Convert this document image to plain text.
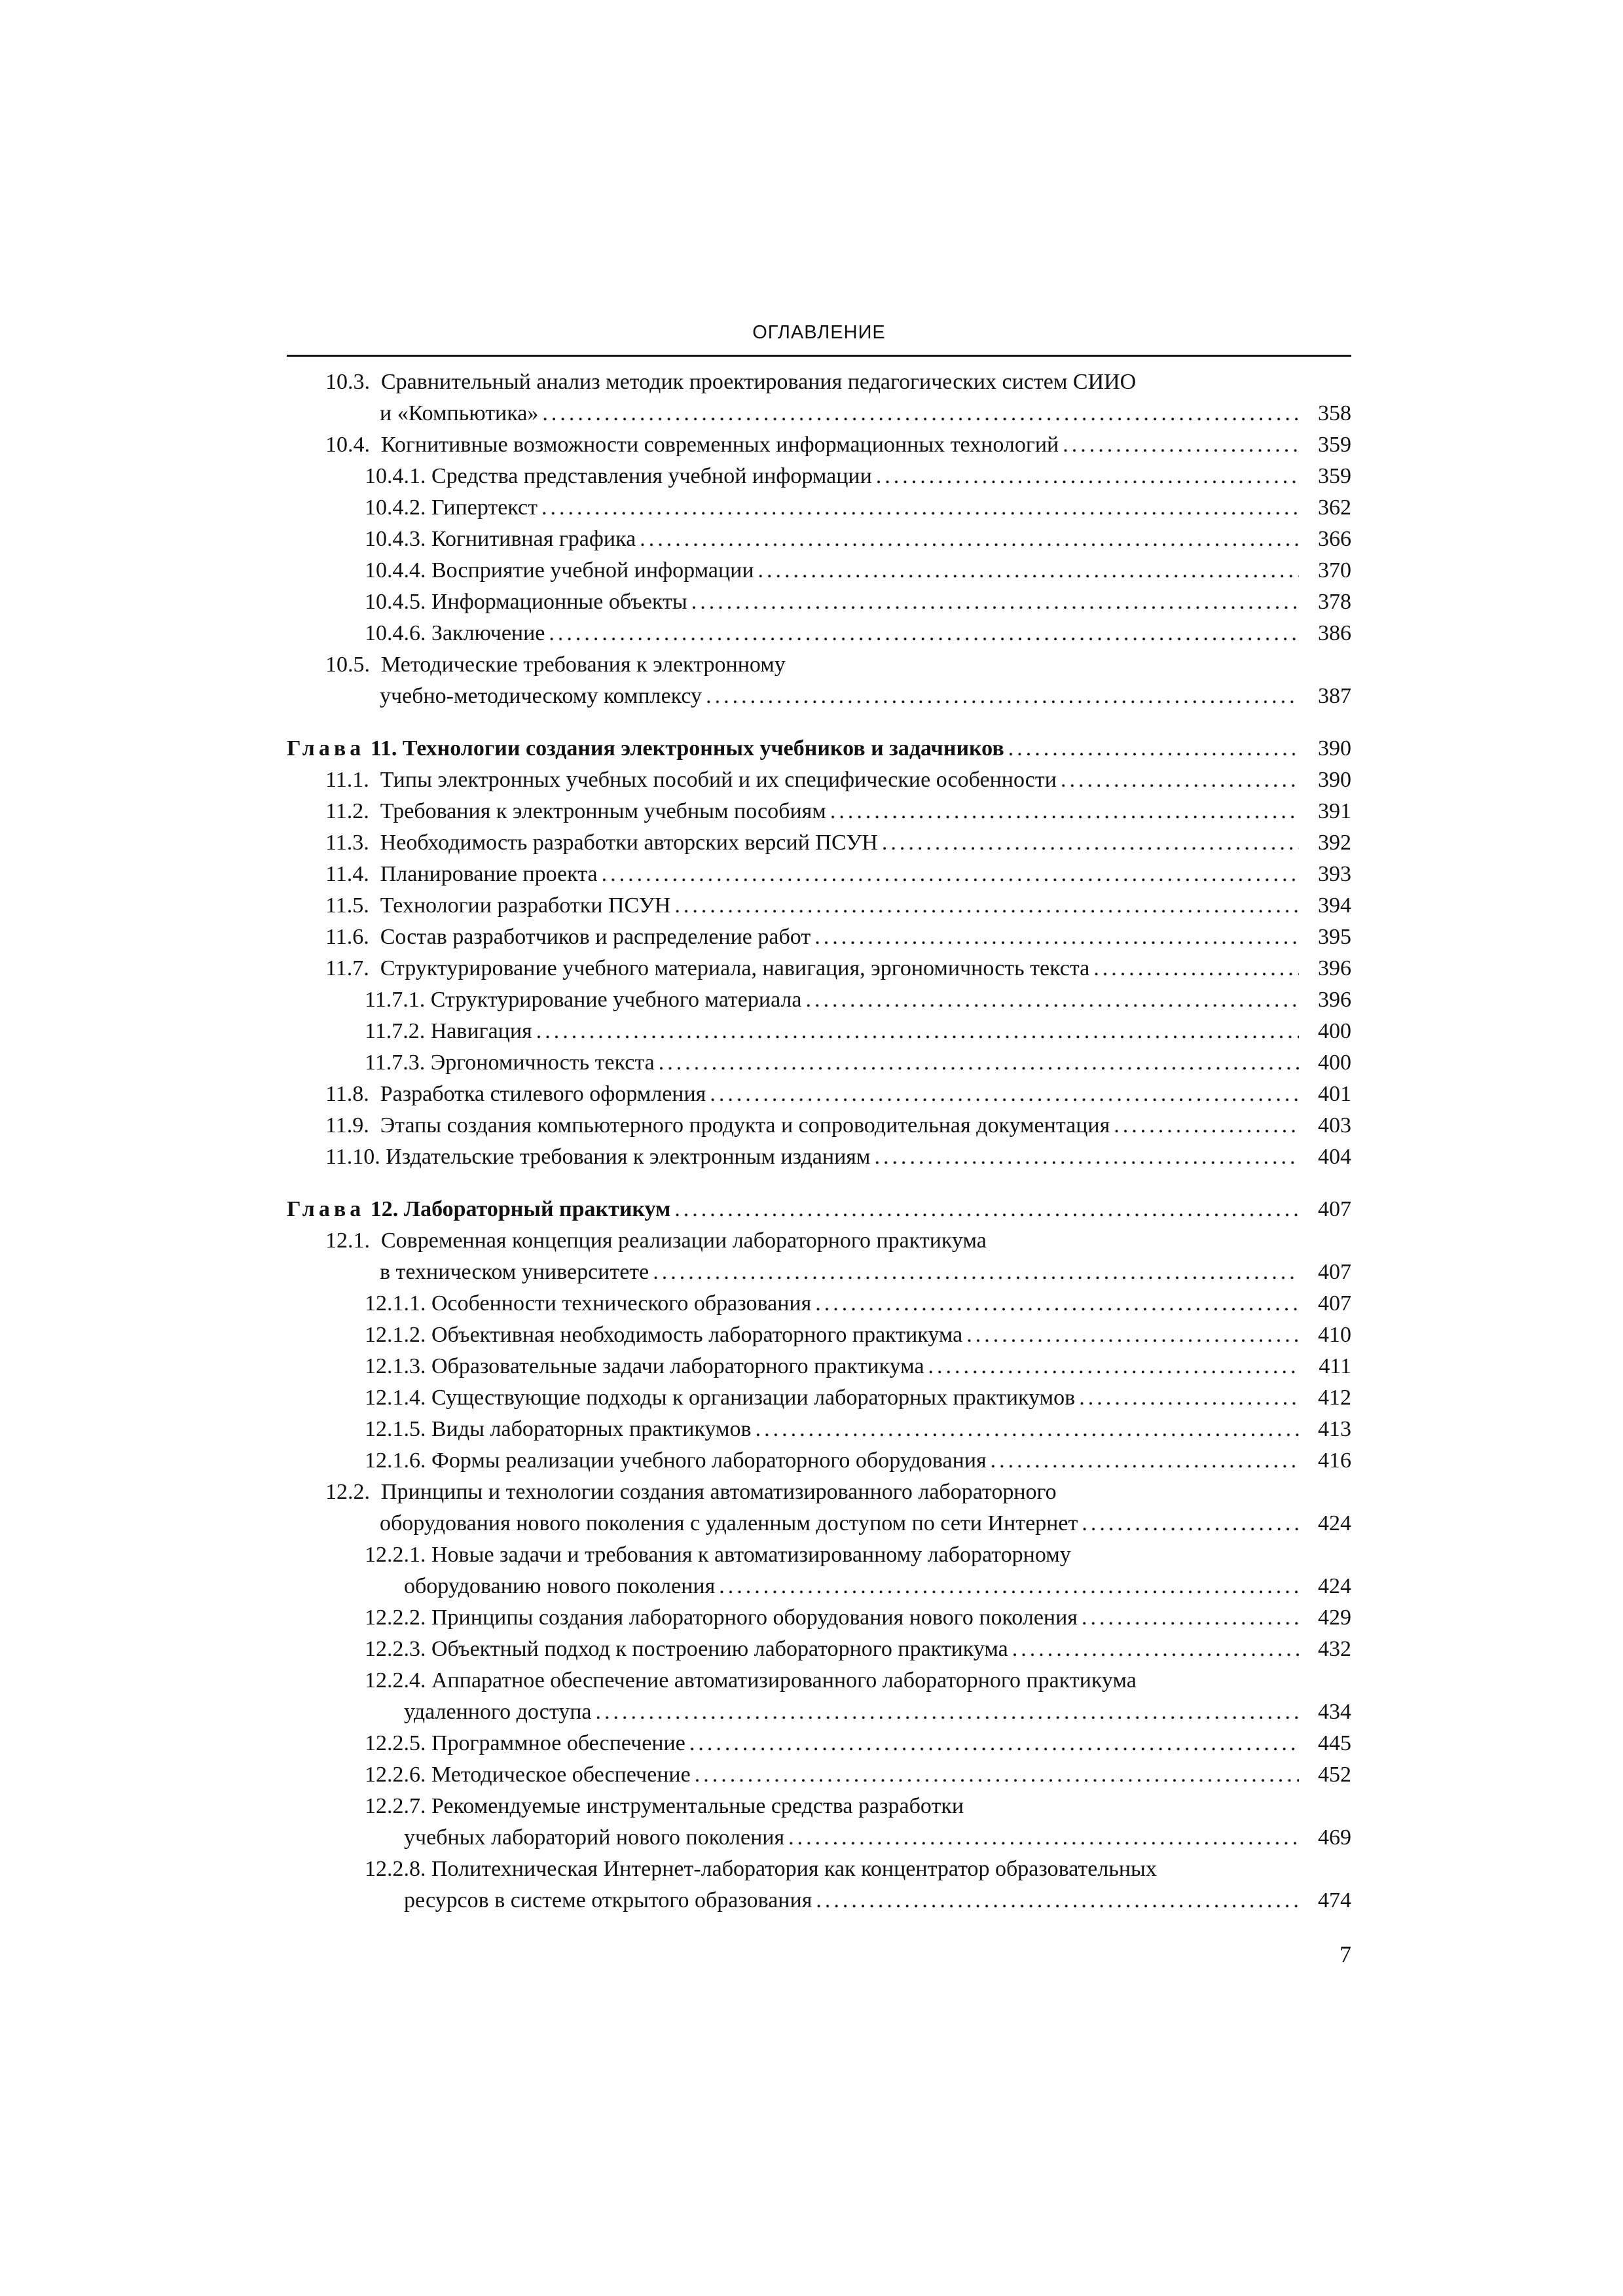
ОГЛАВЛЕНИЕ
10.3. Сравнительный анализ методик проектирования педагогических систем СИИО
и «Компьютика» .....	358
10.4. Когнитивные возможности современных информационных технологий .....	359
10.4.1. Средства представления учебной информации .....	359
10.4.2. Гипертекст .....	362
10.4.3. Когнитивная графика .....	366
10.4.4. Восприятие учебной информации .....	370
10.4.5. Информационные объекты .....	378
10.4.6. Заключение .....	386
10.5. Методические требования к электронному
учебно-методическому комплексу .....	387
Глава 11. Технологии создания электронных учебников и задачников .....	390
11.1. Типы электронных учебных пособий и их специфические особенности .....	390
11.2. Требования к электронным учебным пособиям .....	391
11.3. Необходимость разработки авторских версий ПСУН .....	392
11.4. Планирование проекта .....	393
11.5. Технологии разработки ПСУН .....	394
11.6. Состав разработчиков и распределение работ .....	395
11.7. Структурирование учебного материала, навигация, эргономичность текста .....	396
11.7.1. Структурирование учебного материала .....	396
11.7.2. Навигация .....	400
11.7.3. Эргономичность текста .....	400
11.8. Разработка стилевого оформления .....	401
11.9. Этапы создания компьютерного продукта и сопроводительная документация .....	403
11.10. Издательские требования к электронным изданиям .....	404
Глава 12. Лабораторный практикум .....	407
12.1. Современная концепция реализации лабораторного практикума
в техническом университете .....	407
12.1.1. Особенности технического образования .....	407
12.1.2. Объективная необходимость лабораторного практикума .....	410
12.1.3. Образовательные задачи лабораторного практикума .....	411
12.1.4. Существующие подходы к организации лабораторных практикумов .....	412
12.1.5. Виды лабораторных практикумов .....	413
12.1.6. Формы реализации учебного лабораторного оборудования .....	416
12.2. Принципы и технологии создания автоматизированного лабораторного
оборудования нового поколения с удаленным доступом по сети Интернет .....	424
12.2.1. Новые задачи и требования к автоматизированному лабораторному
оборудованию нового поколения .....	424
12.2.2. Принципы создания лабораторного оборудования нового поколения .....	429
12.2.3. Объектный подход к построению лабораторного практикума .....	432
12.2.4. Аппаратное обеспечение автоматизированного лабораторного практикума
удаленного доступа .....	434
12.2.5. Программное обеспечение .....	445
12.2.6. Методическое обеспечение .....	452
12.2.7. Рекомендуемые инструментальные средства разработки
учебных лабораторий нового поколения .....	469
12.2.8. Политехническая Интернет-лаборатория как концентратор образовательных
ресурсов в системе открытого образования .....	474
7
